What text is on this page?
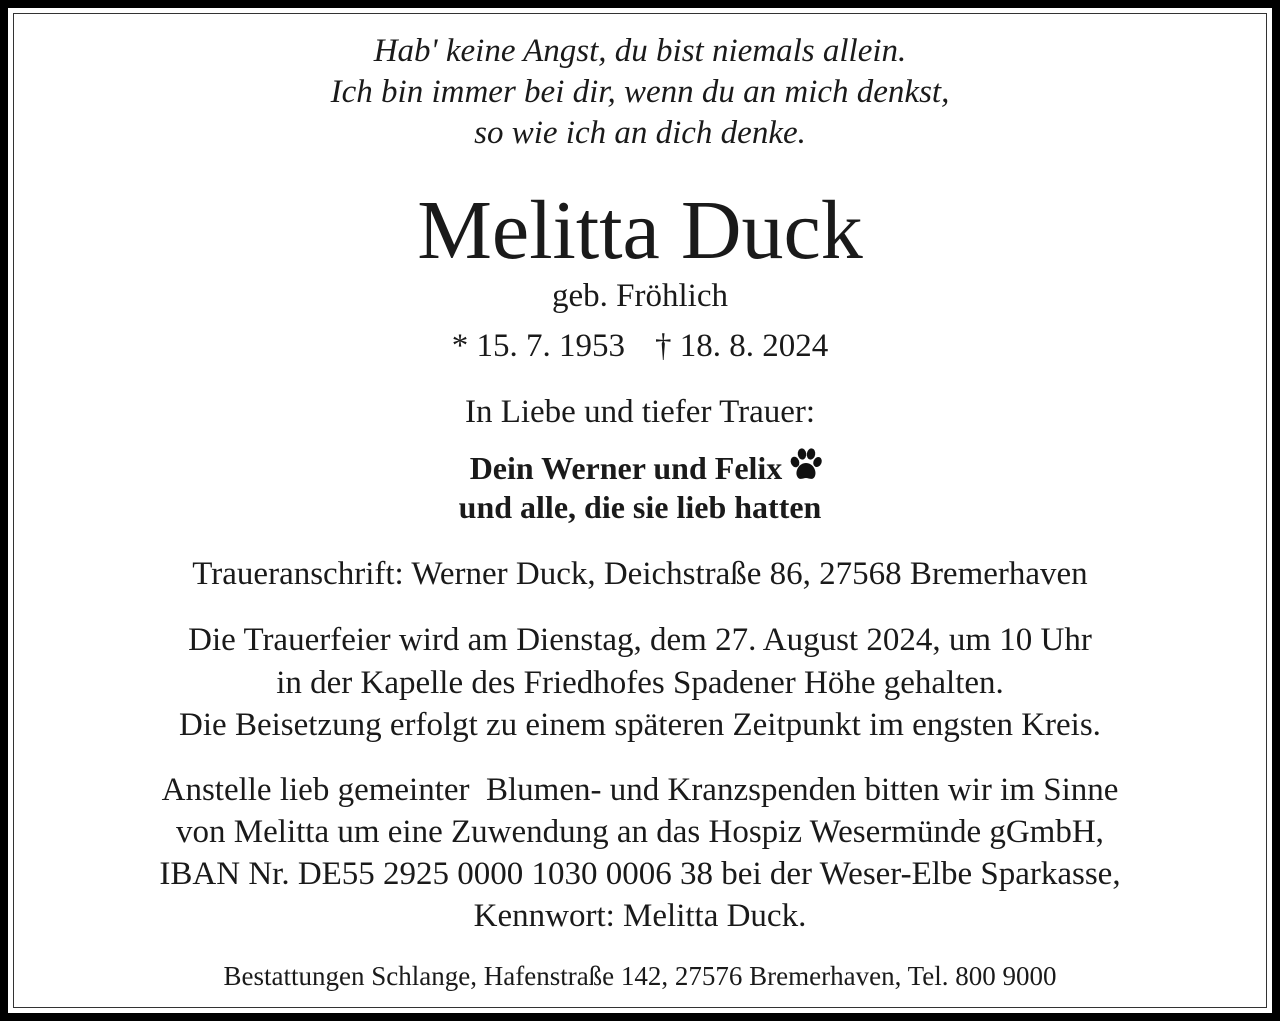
Hab' keine Angst, du bist niemals allein.
Ich bin immer bei dir, wenn du an mich denkst,
so wie ich an dich denke.
Melitta Duck
geb. Fröhlich
* 15. 7. 1953 † 18. 8. 2024
In Liebe und tiefer Trauer:
Dein Werner und Felix
und alle, die sie lieb hatten
Traueranschrift: Werner Duck, Deichstraße 86, 27568 Bremerhaven
Die Trauerfeier wird am Dienstag, dem 27. August 2024, um 10 Uhr
in der Kapelle des Friedhofes Spadener Höhe gehalten.
Die Beisetzung erfolgt zu einem späteren Zeitpunkt im engsten Kreis.
Anstelle lieb gemeinter  Blumen- und Kranzspenden bitten wir im Sinne
von Melitta um eine Zuwendung an das Hospiz Wesermünde gGmbH,
IBAN Nr. DE55 2925 0000 1030 0006 38 bei der Weser-Elbe Sparkasse,
Kennwort: Melitta Duck.
Bestattungen Schlange, Hafenstraße 142, 27576 Bremerhaven, Tel. 800 9000
